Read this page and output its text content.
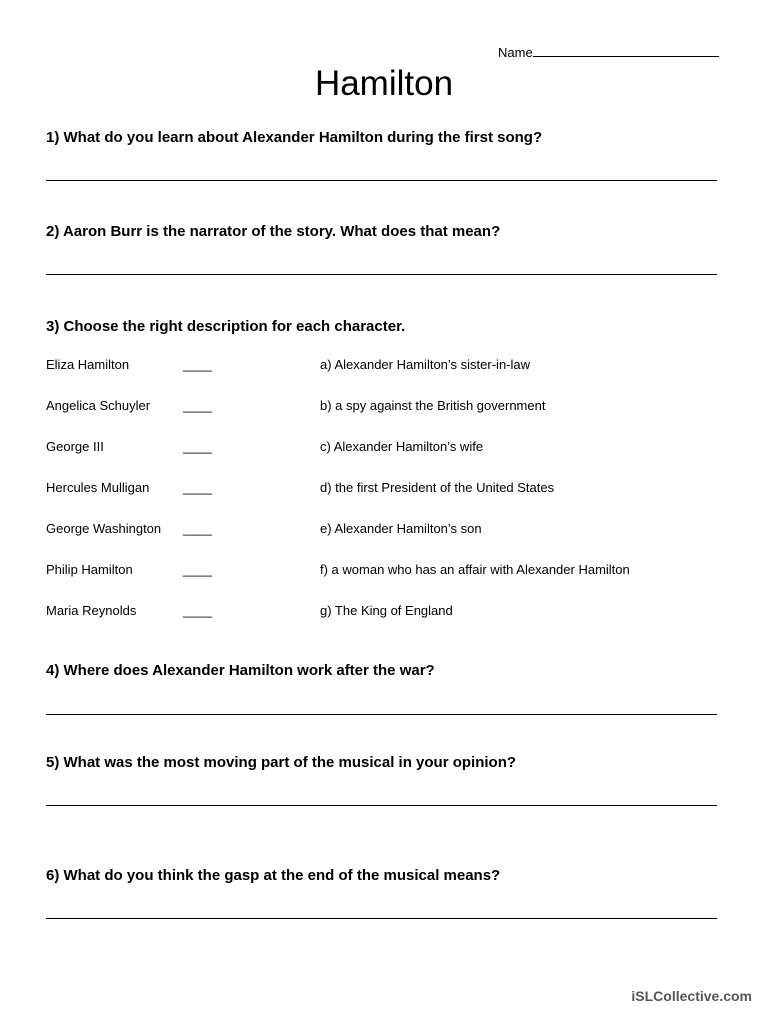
Name
Hamilton
1) What do you learn about Alexander Hamilton during the first song?
2) Aaron Burr is the narrator of the story. What does that mean?
3) Choose the right description for each character.
Eliza Hamilton	____	a) Alexander Hamilton’s sister-in-law
Angelica Schuyler	____	b) a spy against the British government
George III	____	c) Alexander Hamilton’s wife
Hercules Mulligan	____	d) the first President of the United States
George Washington ____	e) Alexander Hamilton’s son
Philip Hamilton	____	f) a woman who has an affair with Alexander Hamilton
Maria Reynolds	____	g) The King of England
4) Where does Alexander Hamilton work after the war?
5) What was the most moving part of the musical in your opinion?
6) What do you think the gasp at the end of the musical means?
iSLCollective.com
